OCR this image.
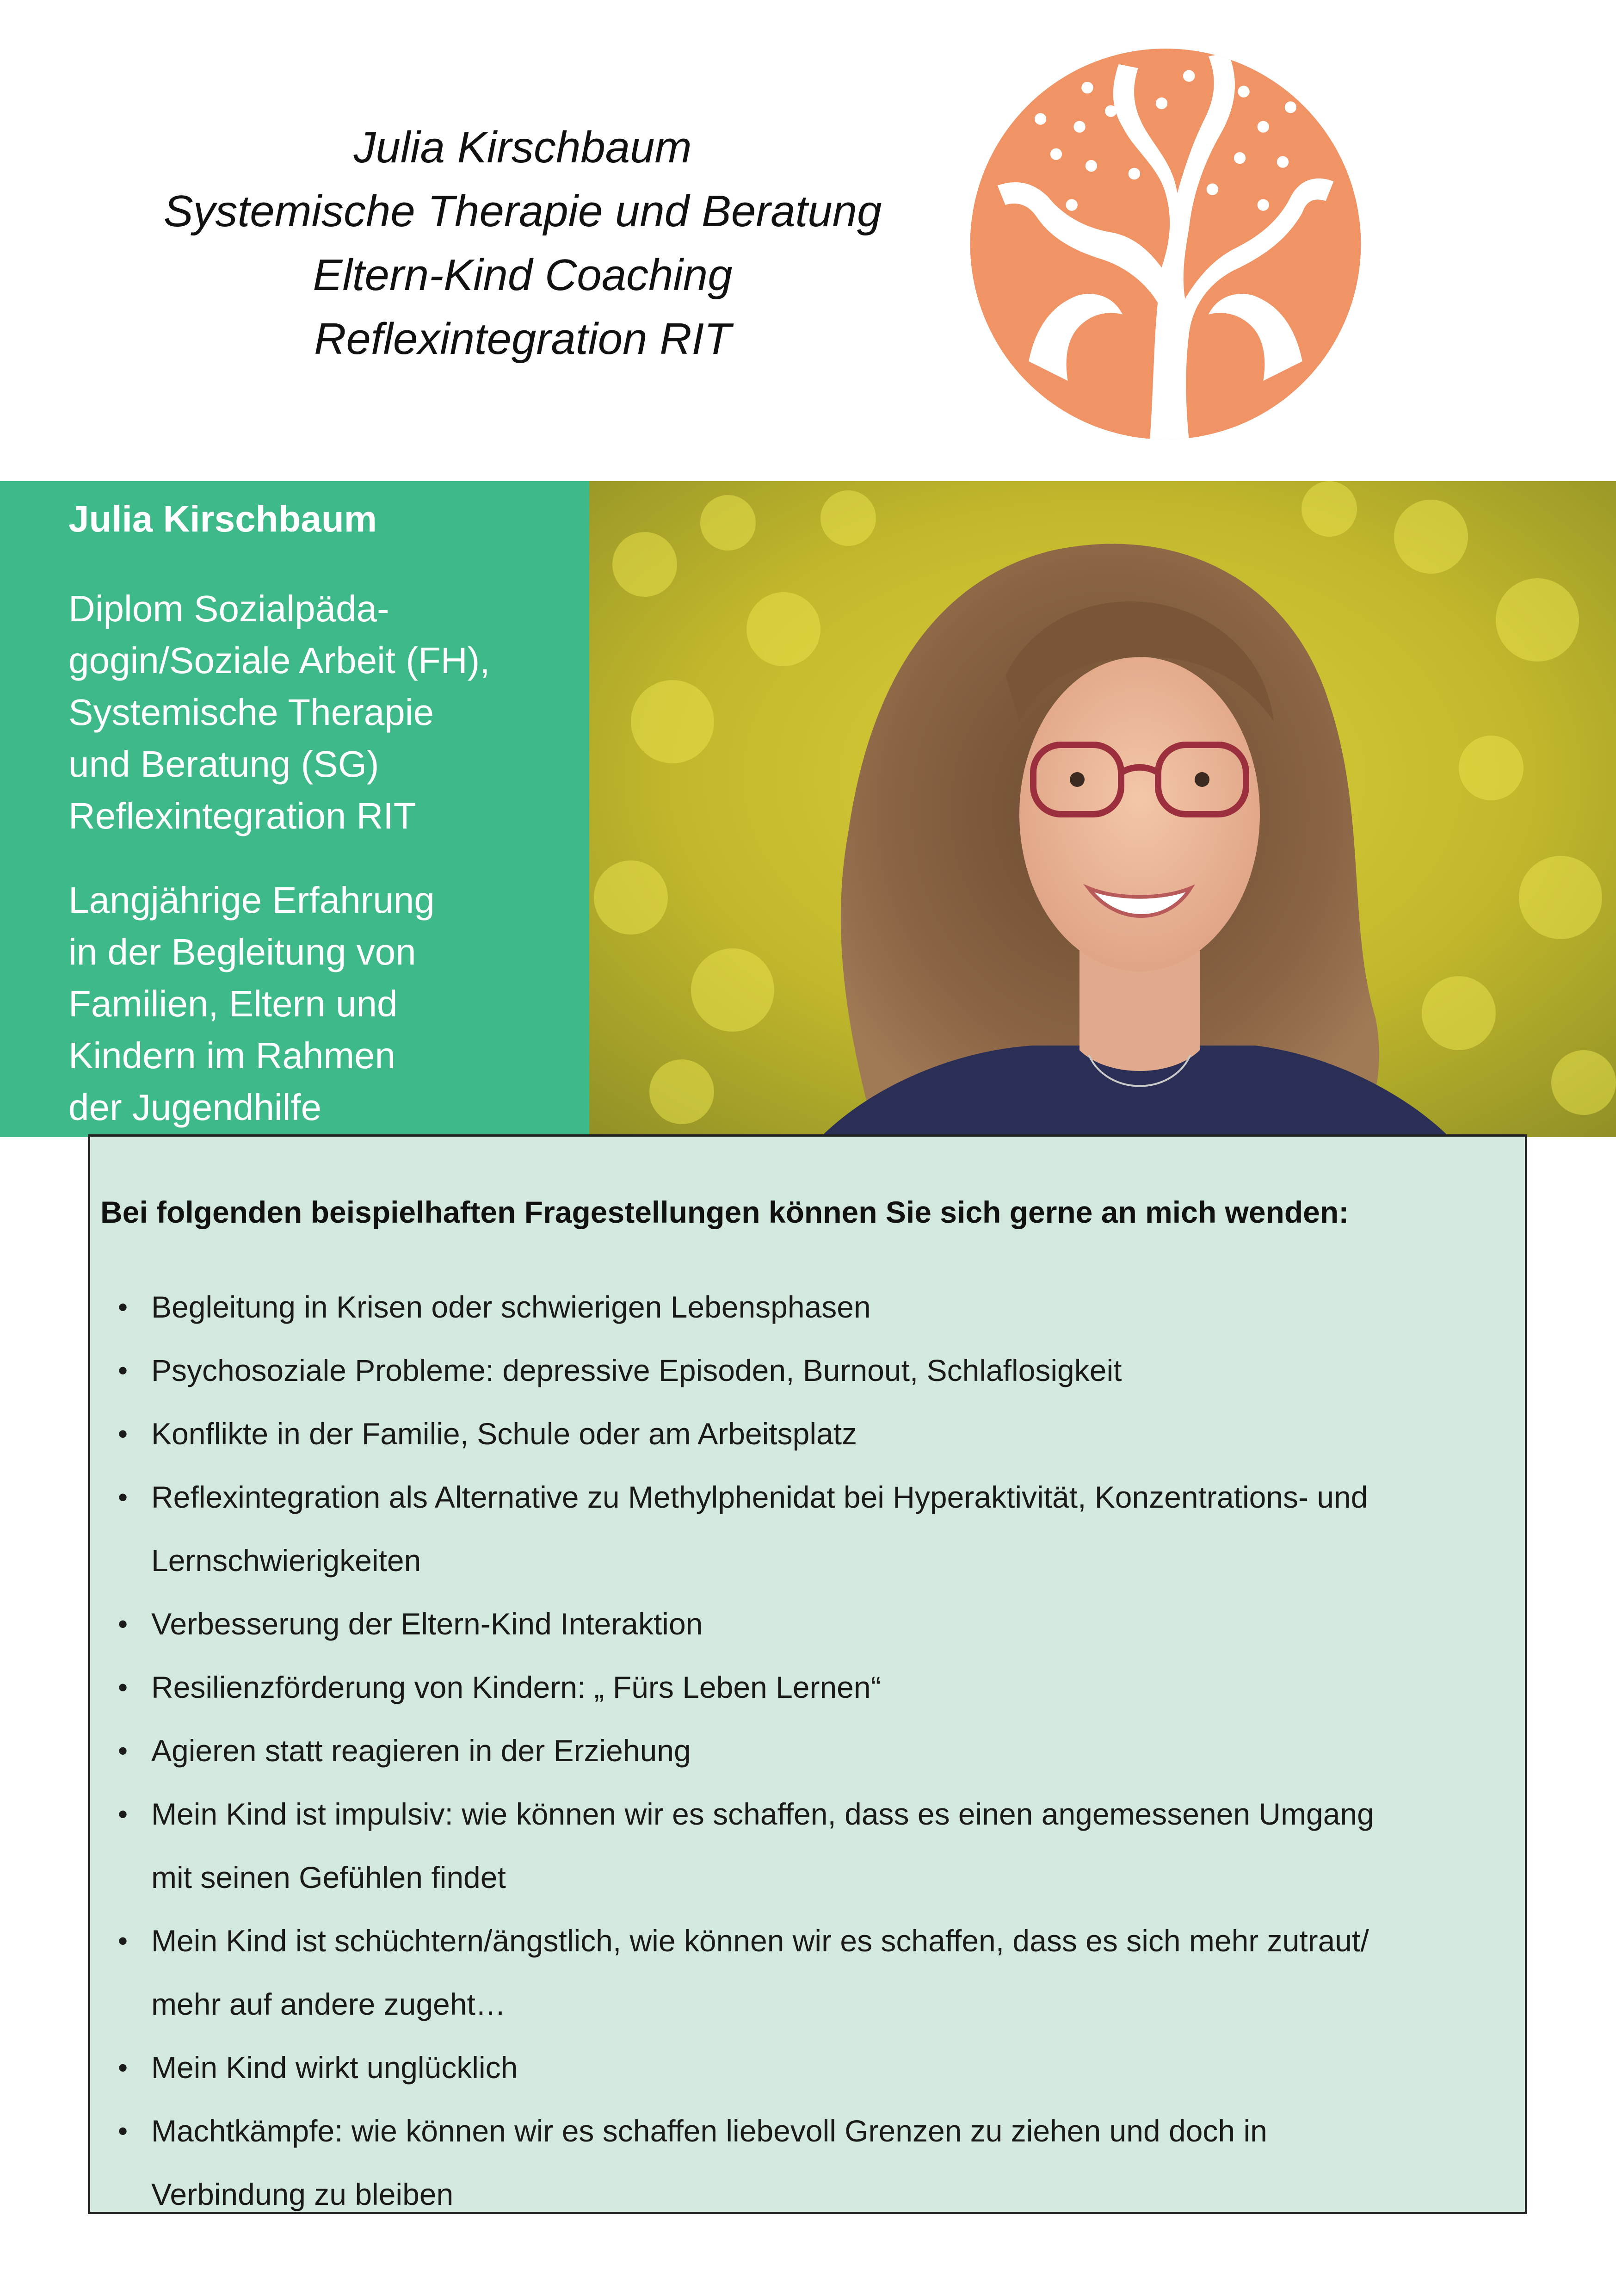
Julia Kirschbaum
Systemische Therapie und Beratung
Eltern-Kind Coaching
Reflexintegration RIT
Julia Kirschbaum
Diplom Sozialpäda-
gogin/Soziale Arbeit (FH),
Systemische Therapie
und Beratung (SG)
Reflexintegration RIT
Langjährige Erfahrung
in der Begleitung von
Familien, Eltern und
Kindern im Rahmen
der Jugendhilfe
Bei folgenden beispielhaften Fragestellungen können Sie sich gerne an mich wenden:
• Begleitung in Krisen oder schwierigen Lebensphasen
• Psychosoziale Probleme: depressive Episoden, Burnout, Schlaflosigkeit
• Konflikte in der Familie, Schule oder am Arbeitsplatz
• Reflexintegration als Alternative zu Methylphenidat bei Hyperaktivität, Konzentrations- und
Lernschwierigkeiten
• Verbesserung der Eltern-Kind Interaktion
• Resilienzförderung von Kindern: „ Fürs Leben Lernen“
• Agieren statt reagieren in der Erziehung
• Mein Kind ist impulsiv: wie können wir es schaffen, dass es einen angemessenen Umgang
mit seinen Gefühlen findet
• Mein Kind ist schüchtern/ängstlich, wie können wir es schaffen, dass es sich mehr zutraut/
mehr auf andere zugeht…
• Mein Kind wirkt unglücklich
• Machtkämpfe: wie können wir es schaffen liebevoll Grenzen zu ziehen und doch in
Verbindung zu bleiben
